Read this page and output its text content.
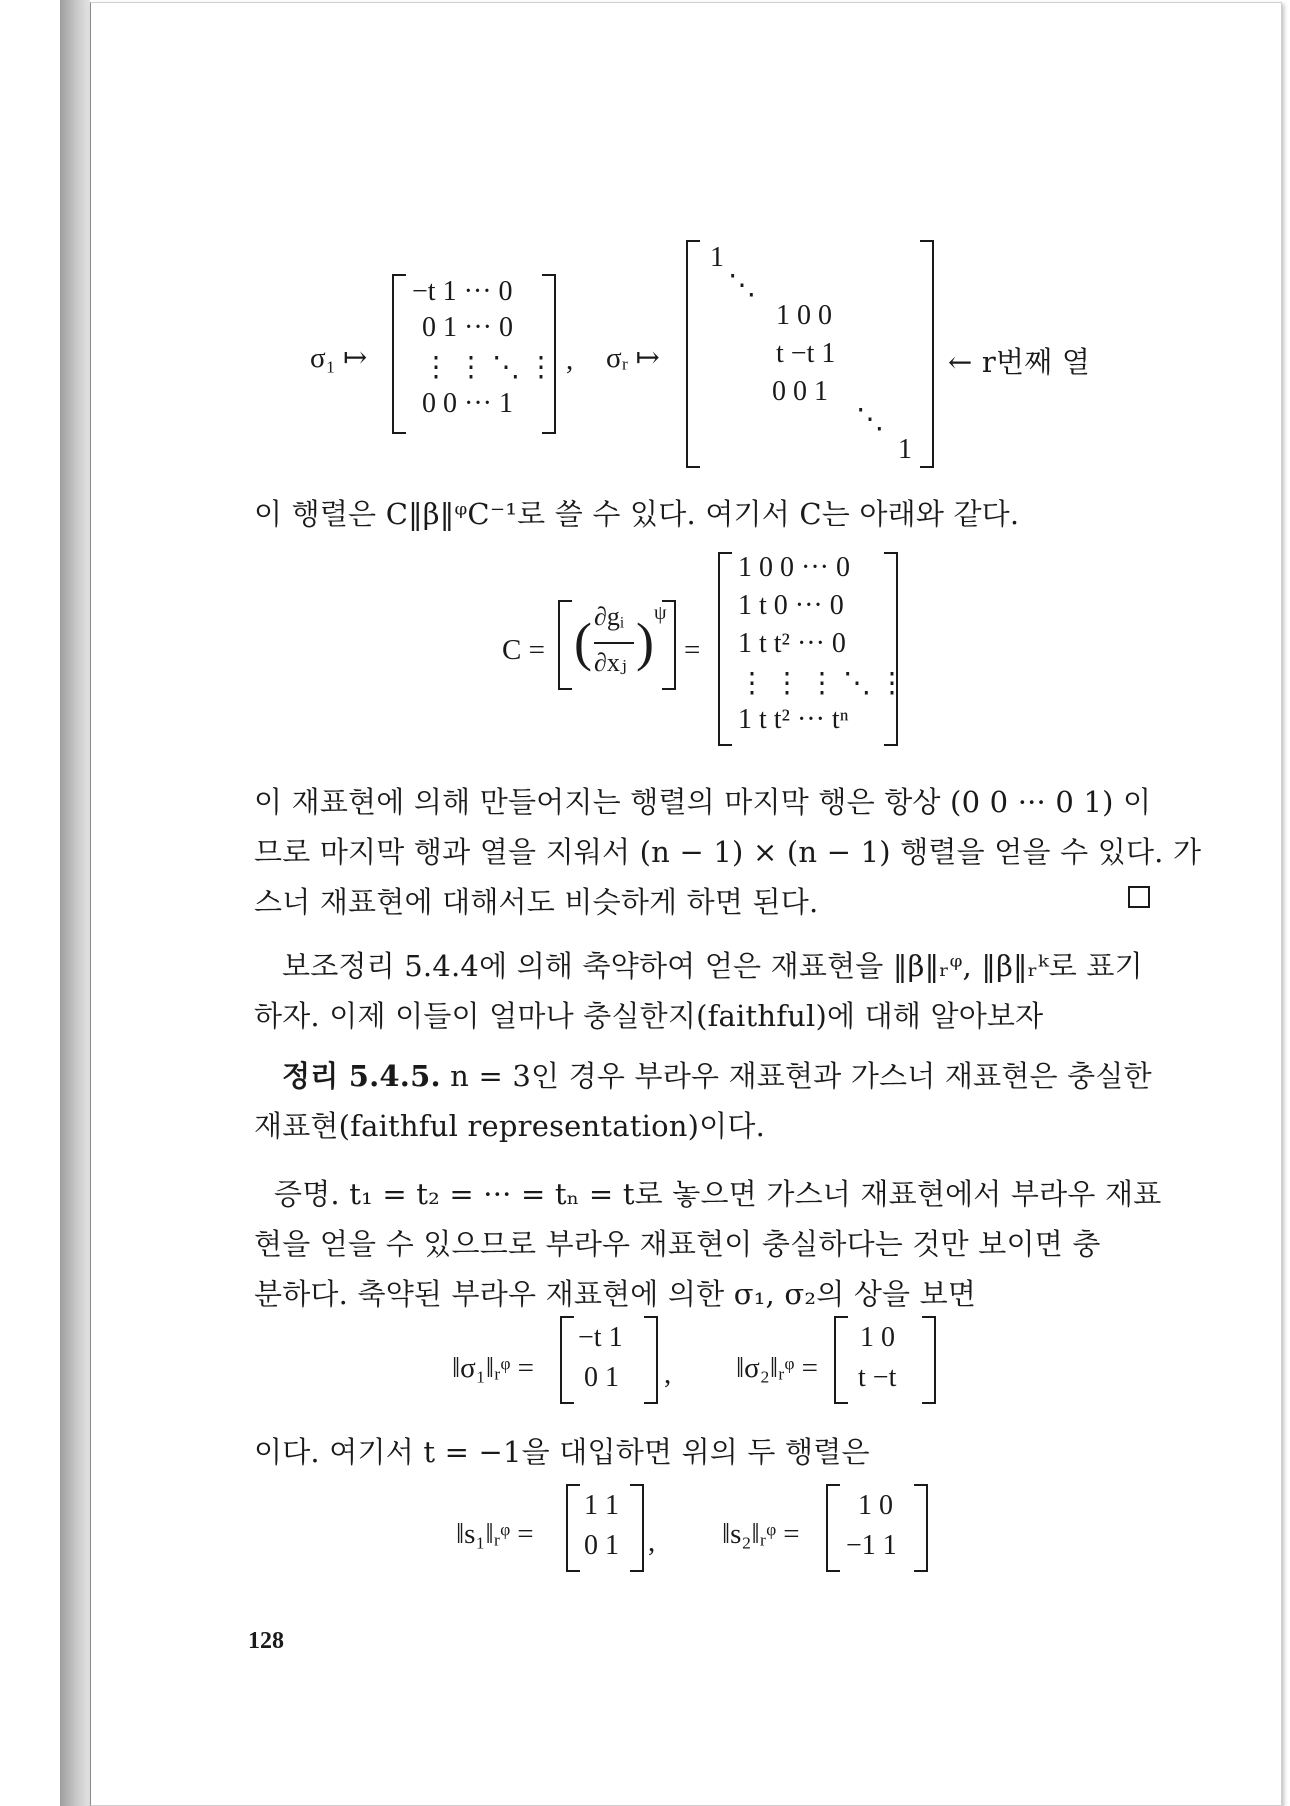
σ₁ ↦
−t 1 ··· 0
0 1 ··· 0
⋮ ⋮ ⋱ ⋮
0 0 ··· 1
, σᵣ ↦
1
⋱
1 0 0
t −t 1
0 0 1
⋱
1
← r번째 열
이 행렬은 C‖β‖ᵠC⁻¹로 쓸 수 있다. 여기서 C는 아래와 같다.
C = ( ∂gᵢ
∂xⱼ ) ψ
=
1 0 0 ··· 0
1 t 0 ··· 0
1 t t² ··· 0
⋮ ⋮ ⋮ ⋱ ⋮
1 t t² ··· tⁿ
이 재표현에 의해 만들어지는 행렬의 마지막 행은 항상 (0 0 ··· 0 1) 이
므로 마지막 행과 열을 지워서 (n − 1) × (n − 1) 행렬을 얻을 수 있다. 가
스너 재표현에 대해서도 비슷하게 하면 된다.
보조정리 5.4.4에 의해 축약하여 얻은 재표현을 ‖β‖ᵣᵠ, ‖β‖ᵣᵏ로 표기
하자. 이제 이들이 얼마나 충실한지(faithful)에 대해 알아보자
정리 5.4.5. n = 3인 경우 부라우 재표현과 가스너 재표현은 충실한
재표현(faithful representation)이다.
증명. t₁ = t₂ = ··· = tₙ = t로 놓으면 가스너 재표현에서 부라우 재표
현을 얻을 수 있으므로 부라우 재표현이 충실하다는 것만 보이면 충
분하다. 축약된 부라우 재표현에 의한 σ₁, σ₂의 상을 보면
‖σ₁‖ᵣᵠ =
−t 1
0 1 , ‖σ₂‖ᵣᵠ =
1 0
t −t
이다. 여기서 t = −1을 대입하면 위의 두 행렬은
‖s₁‖ᵣᵠ =
1 1
0 1 , ‖s₂‖ᵣᵠ =
1 0
−1 1
128
